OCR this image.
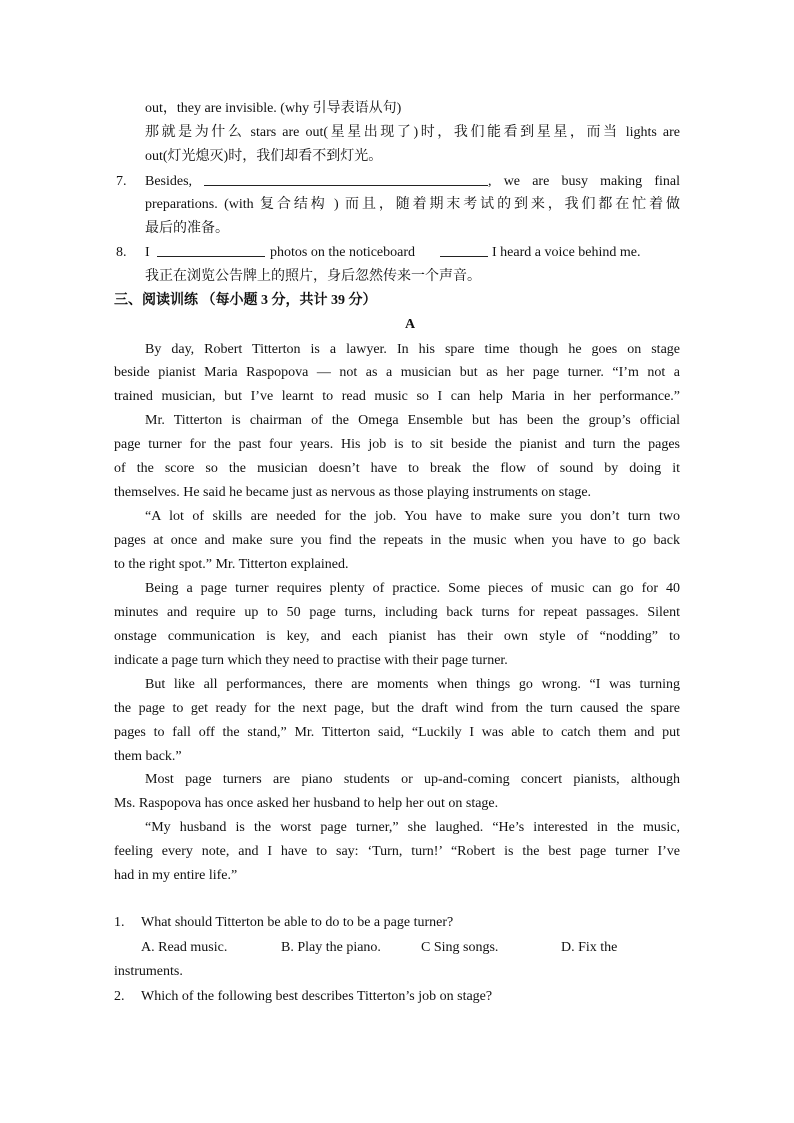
out，they are invisible. (why 引导表语从句)
那就是为什么 stars are out(星星出现了)时，我们能看到星星，而当 lights are
out(灯光熄灭)时，我们却看不到灯光。
7. Besides,	, we are busy making final
preparations. (with 复合结构 ) 而且，随着期末考试的到来，我们都在忙着做
最后的准备。
8. I	photos on the noticeboard	I heard a voice behind me.
我正在浏览公告牌上的照片，身后忽然传来一个声音。
三、阅读训练 （每小题 3 分，共计 39 分）
A
By day, Robert Titterton is a lawyer. In his spare time though he goes on stage
beside pianist Maria Raspopova — not as a musician but as her page turner. “I’m not a
trained musician, but I’ve learnt to read music so I can help Maria in her performance.”
Mr. Titterton is chairman of the Omega Ensemble but has been the group’s official
page turner for the past four years. His job is to sit beside the pianist and turn the pages
of the score so the musician doesn’t have to break the flow of sound by doing it
themselves. He said he became just as nervous as those playing instruments on stage.
“A lot of skills are needed for the job. You have to make sure you don’t turn two
pages at once and make sure you find the repeats in the music when you have to go back
to the right spot.” Mr. Titterton explained.
Being a page turner requires plenty of practice. Some pieces of music can go for 40
minutes and require up to 50 page turns, including back turns for repeat passages. Silent
onstage communication is key, and each pianist has their own style of “nodding” to
indicate a page turn which they need to practise with their page turner.
But like all performances, there are moments when things go wrong. “I was turning
the page to get ready for the next page, but the draft wind from the turn caused the spare
pages to fall off the stand,” Mr. Titterton said, “Luckily I was able to catch them and put
them back.”
Most page turners are piano students or up-and-coming concert pianists, although
Ms. Raspopova has once asked her husband to help her out on stage.
“My husband is the worst page turner,” she laughed. “He’s interested in the music,
feeling every note, and I have to say: ‘Turn, turn!’ “Robert is the best page turner I’ve
had in my entire life.”
1. What should Titterton be able to do to be a page turner?
A. Read music.	B. Play the piano.	C Sing songs.	D. Fix the
instruments.
2. Which of the following best describes Titterton’s job on stage?
